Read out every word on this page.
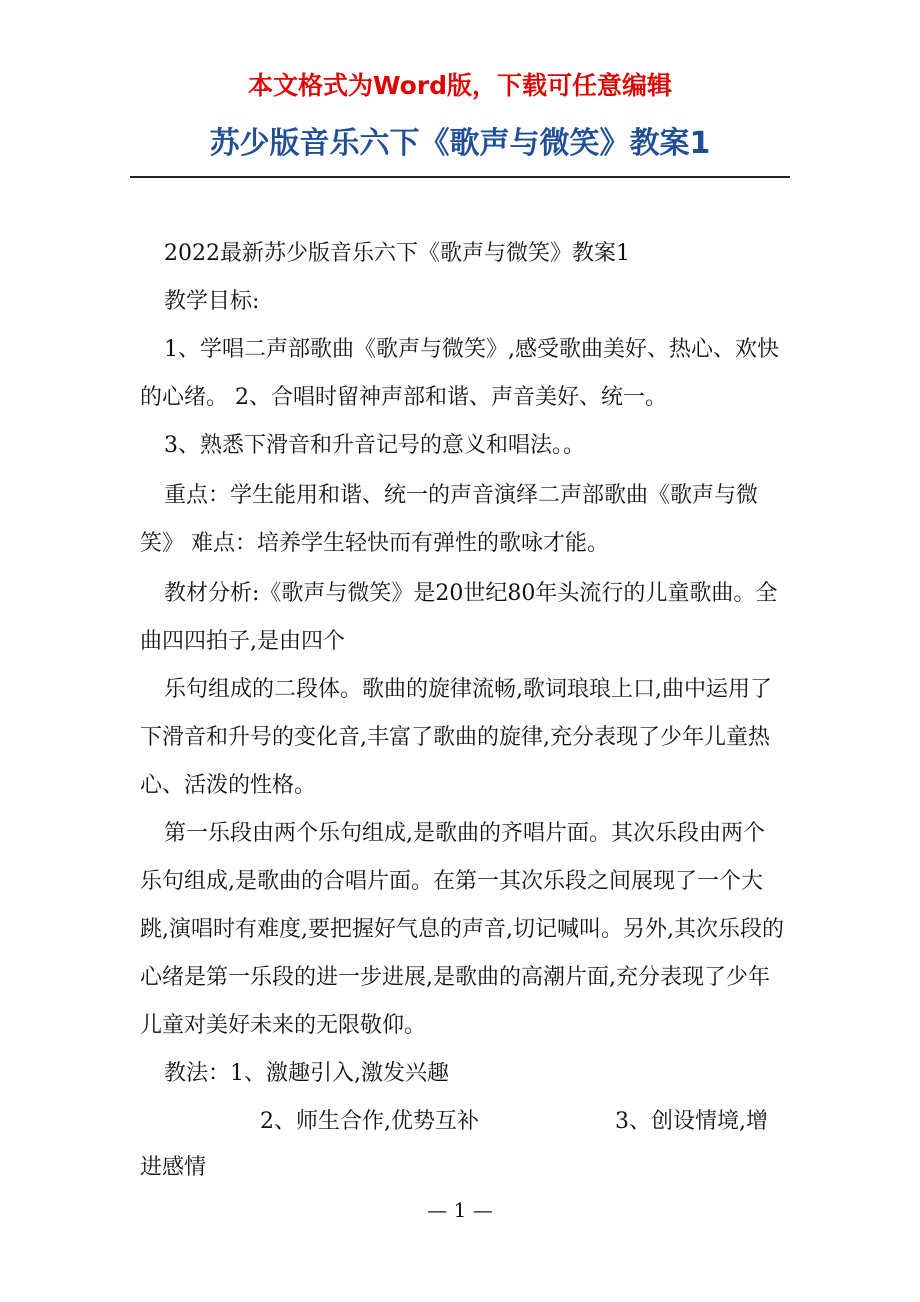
本文格式为Word版，下载可任意编辑
苏少版音乐六下《歌声与微笑》教案1

2022最新苏少版音乐六下《歌声与微笑》教案1

教学目标:

1、学唱二声部歌曲《歌声与微笑》,感受歌曲美好、热心、欢快的心绪。 2、合唱时留神声部和谐、声音美好、统一。

3、熟悉下滑音和升音记号的意义和唱法。。

重点：学生能用和谐、统一的声音演绎二声部歌曲《歌声与微笑》 难点：培养学生轻快而有弹性的歌咏才能。

教材分析:《歌声与微笑》是20世纪80年头流行的儿童歌曲。全曲四四拍子,是由四个

乐句组成的二段体。歌曲的旋律流畅,歌词琅琅上口,曲中运用了下滑音和升号的变化音,丰富了歌曲的旋律,充分表现了少年儿童热心、活泼的性格。

第一乐段由两个乐句组成,是歌曲的齐唱片面。其次乐段由两个乐句组成,是歌曲的合唱片面。在第一其次乐段之间展现了一个大跳,演唱时有难度,要把握好气息的声音,切记喊叫。另外,其次乐段的心绪是第一乐段的进一步进展,是歌曲的高潮片面,充分表现了少年儿童对美好未来的无限敬仰。

教法：1、激趣引入,激发兴趣

2、师生合作,优势互补	3、创设情境,增
进感情
— 1 —
